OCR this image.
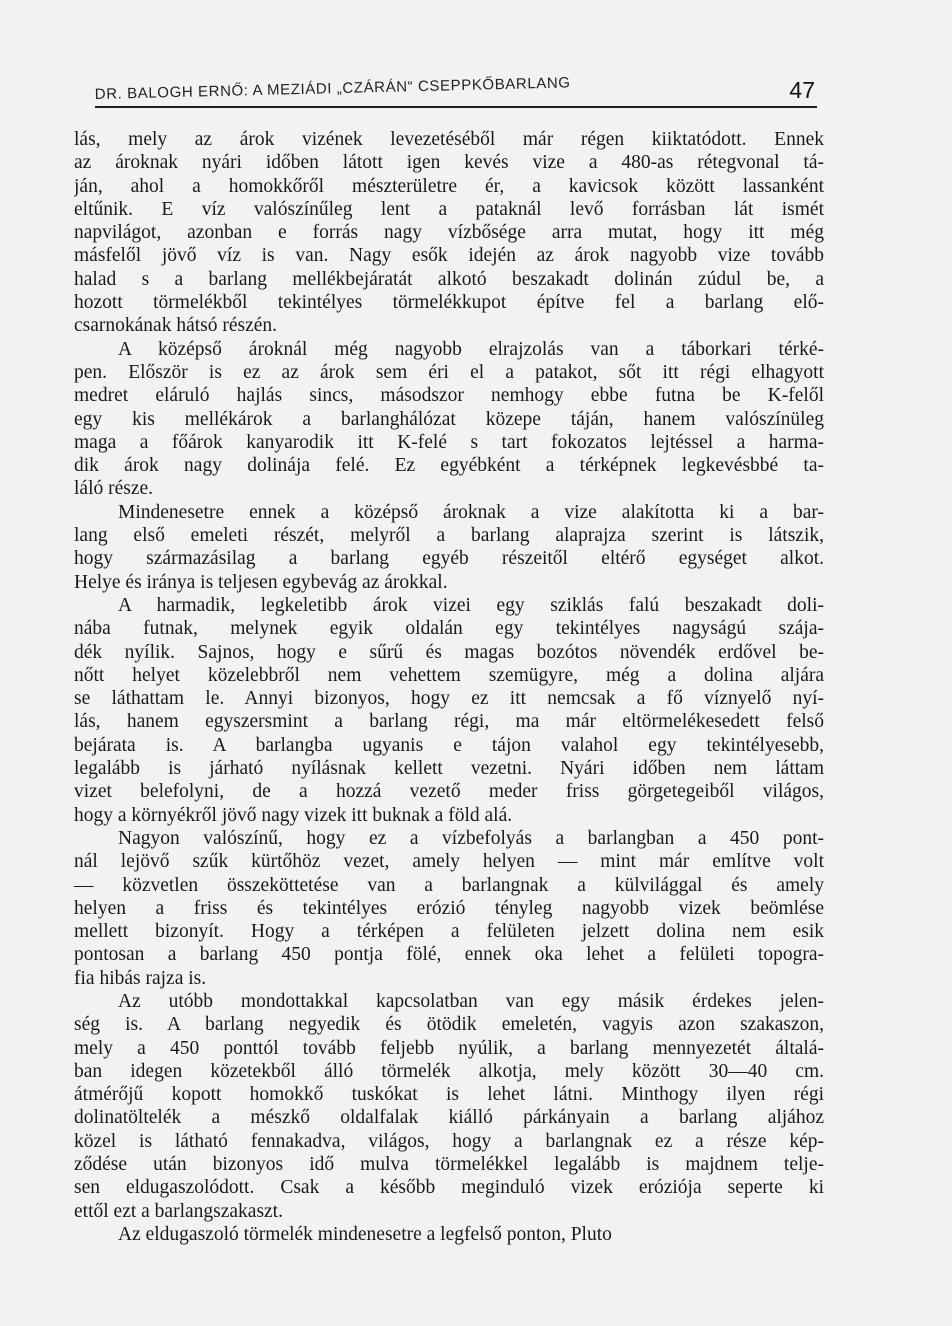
DR. BALOGH ERNŐ: A MEZIÁDI „CZÁRÁN“ CSEPPKŐBARLANG	47
lás, mely az árok vizének levezetéséből már régen kiiktatódott. Ennek
az ároknak nyári időben látott igen kevés vize a 480-as rétegvonal tá-
ján, ahol a homokkőről mészterületre ér, a kavicsok között lassanként
eltűnik. E víz valószínűleg lent a pataknál levő forrásban lát ismét
napvilágot, azonban e forrás nagy vízbősége arra mutat, hogy itt még
másfelől jövő víz is van. Nagy esők idején az árok nagyobb vize tovább
halad s a barlang mellékbejáratát alkotó beszakadt dolinán zúdul be, a
hozott törmelékből tekintélyes törmelékkupot építve fel a barlang elő-
csarnokának hátsó részén.
A középső ároknál még nagyobb elrajzolás van a táborkari térké-
pen. Először is ez az árok sem éri el a patakot, sőt itt régi elhagyott
medret eláruló hajlás sincs, másodszor nemhogy ebbe futna be K-felől
egy kis mellékárok a barlanghálózat közepe táján, hanem valószínüleg
maga a főárok kanyarodik itt K-felé s tart fokozatos lejtéssel a harma-
dik árok nagy dolinája felé. Ez egyébként a térképnek legkevésbbé ta-
láló része.
Mindenesetre ennek a középső ároknak a vize alakította ki a bar-
lang első emeleti részét, melyről a barlang alaprajza szerint is látszik,
hogy származásilag a barlang egyéb részeitől eltérő egységet alkot.
Helye és iránya is teljesen egybevág az árokkal.
A harmadik, legkeletibb árok vizei egy sziklás falú beszakadt doli-
nába futnak, melynek egyik oldalán egy tekintélyes nagyságú szája-
dék nyílik. Sajnos, hogy e sűrű és magas bozótos növendék erdővel be-
nőtt helyet közelebbről nem vehettem szemügyre, még a dolina aljára
se láthattam le. Annyi bizonyos, hogy ez itt nemcsak a fő víznyelő nyí-
lás, hanem egyszersmint a barlang régi, ma már eltörmelékesedett felső
bejárata is. A barlangba ugyanis e tájon valahol egy tekintélyesebb,
legalább is járható nyílásnak kellett vezetni. Nyári időben nem láttam
vizet belefolyni, de a hozzá vezető meder friss görgetegeiből világos,
hogy a környékről jövő nagy vizek itt buknak a föld alá.
Nagyon valószínű, hogy ez a vízbefolyás a barlangban a 450 pont-
nál lejövő szűk kürtőhöz vezet, amely helyen — mint már említve volt
— közvetlen összeköttetése van a barlangnak a külvilággal és amely
helyen a friss és tekintélyes erózió tényleg nagyobb vizek beömlése
mellett bizonyít. Hogy a térképen a felületen jelzett dolina nem esik
pontosan a barlang 450 pontja fölé, ennek oka lehet a felületi topogra-
fia hibás rajza is.
Az utóbb mondottakkal kapcsolatban van egy másik érdekes jelen-
ség is. A barlang negyedik és ötödik emeletén, vagyis azon szakaszon,
mely a 450 ponttól tovább feljebb nyúlik, a barlang mennyezetét általá-
ban idegen közetekből álló törmelék alkotja, mely között 30—40 cm.
átmérőjű kopott homokkő tuskókat is lehet látni. Minthogy ilyen régi
dolinatöltelék a mészkő oldalfalak kiálló párkányain a barlang aljához
közel is látható fennakadva, világos, hogy a barlangnak ez a része kép-
ződése után bizonyos idő mulva törmelékkel legalább is majdnem telje-
sen eldugaszolódott. Csak a később meginduló vizek eróziója seperte ki
ettől ezt a barlangszakaszt.
Az eldugaszoló törmelék mindenesetre a legfelső ponton, Pluto
